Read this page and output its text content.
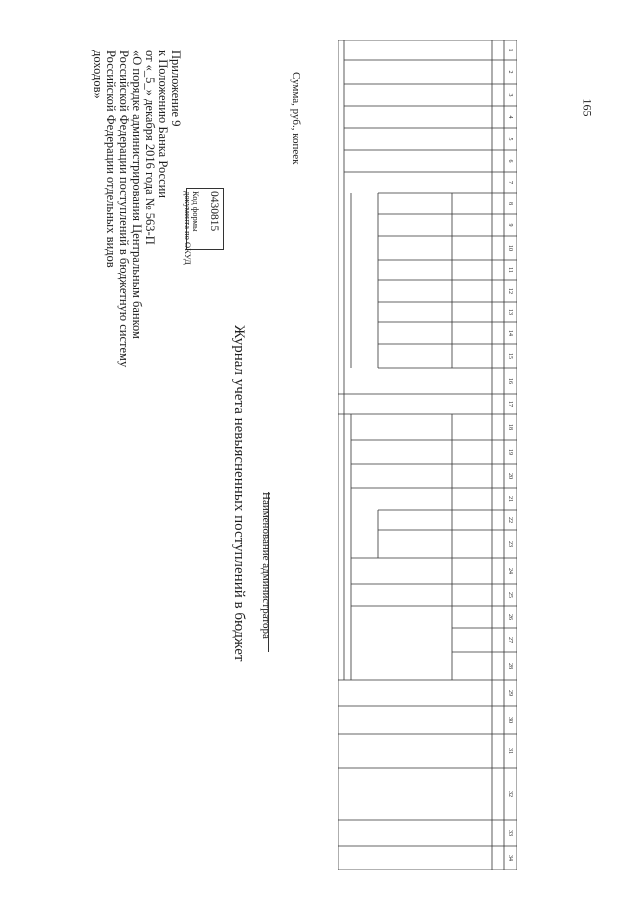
165
Приложение 9
к Положению Банка России
от «_5_» декабря 2016 года № 563-П
«О порядке администрирования Центральным банком
Российской Федерации поступлений в бюджетную систему
Российской Федерации отдельных видов
доходов»
Код формы
документа по ОКУД 0430815
Сумма, руб., копеек
Журнал учета невыясненных поступлений в бюджет Наименование администратора
1
2
3
4
5
6
7
8
9
10
11
12
13
14
15
16
17
18
19
20
21
22
23
24
25
26
27
28
29
30
31
32
33
34
